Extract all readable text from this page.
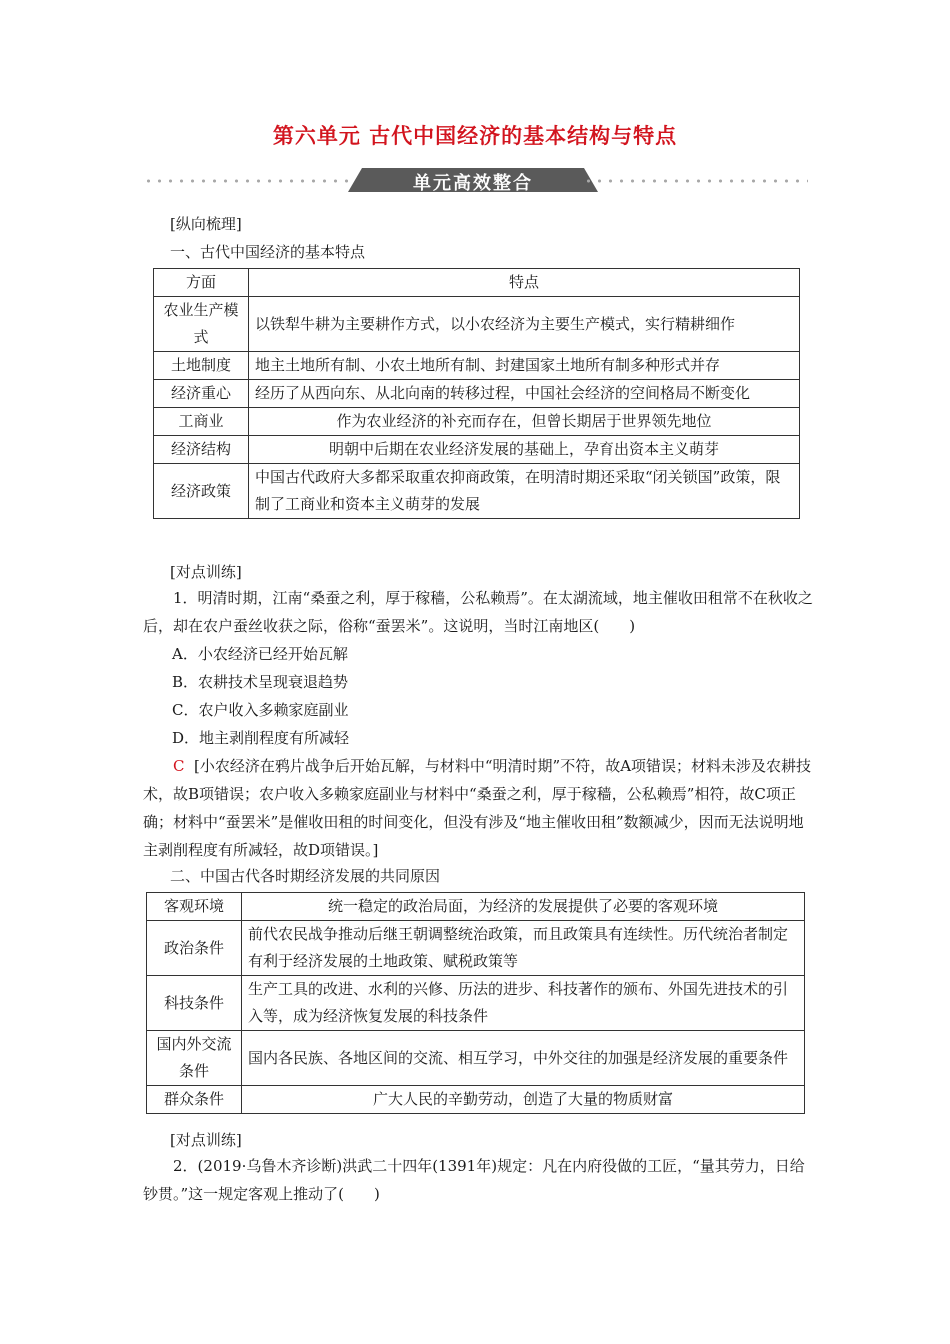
第六单元 古代中国经济的基本结构与特点
单元高效整合
[纵向梳理]
一、古代中国经济的基本特点
方面	特点
农业生产模式	以铁犁牛耕为主要耕作方式，以小农经济为主要生产模式，实行精耕细作
土地制度	地主土地所有制、小农土地所有制、封建国家土地所有制多种形式并存
经济重心	经历了从西向东、从北向南的转移过程，中国社会经济的空间格局不断变化
工商业	作为农业经济的补充而存在，但曾长期居于世界领先地位
经济结构	明朝中后期在农业经济发展的基础上，孕育出资本主义萌芽
经济政策	中国古代政府大多都采取重农抑商政策，在明清时期还采取“闭关锁国”政策，限制了工商业和资本主义萌芽的发展
[对点训练]
1．明清时期，江南“桑蚕之利，厚于稼穑，公私赖焉”。在太湖流域，地主催收田租常不在秋收之后，却在农户蚕丝收获之际，俗称“蚕罢米”。这说明，当时江南地区(　　)
A．小农经济已经开始瓦解
B．农耕技术呈现衰退趋势
C．农户收入多赖家庭副业
D．地主剥削程度有所减轻
C [小农经济在鸦片战争后开始瓦解，与材料中“明清时期”不符，故A项错误；材料未涉及农耕技术，故B项错误；农户收入多赖家庭副业与材料中“桑蚕之利，厚于稼穑，公私赖焉”相符，故C项正确；材料中“蚕罢米”是催收田租的时间变化，但没有涉及“地主催收田租”数额减少，因而无法说明地主剥削程度有所减轻，故D项错误。]
二、中国古代各时期经济发展的共同原因
客观环境	统一稳定的政治局面，为经济的发展提供了必要的客观环境
政治条件	前代农民战争推动后继王朝调整统治政策，而且政策具有连续性。历代统治者制定有利于经济发展的土地政策、赋税政策等
科技条件	生产工具的改进、水利的兴修、历法的进步、科技著作的颁布、外国先进技术的引入等，成为经济恢复发展的科技条件
国内外交流条件	国内各民族、各地区间的交流、相互学习，中外交往的加强是经济发展的重要条件
群众条件	广大人民的辛勤劳动，创造了大量的物质财富
[对点训练]
2．(2019·乌鲁木齐诊断)洪武二十四年(1391年)规定：凡在内府役做的工匠，“量其劳力，日给钞贯。”这一规定客观上推动了(　　)
